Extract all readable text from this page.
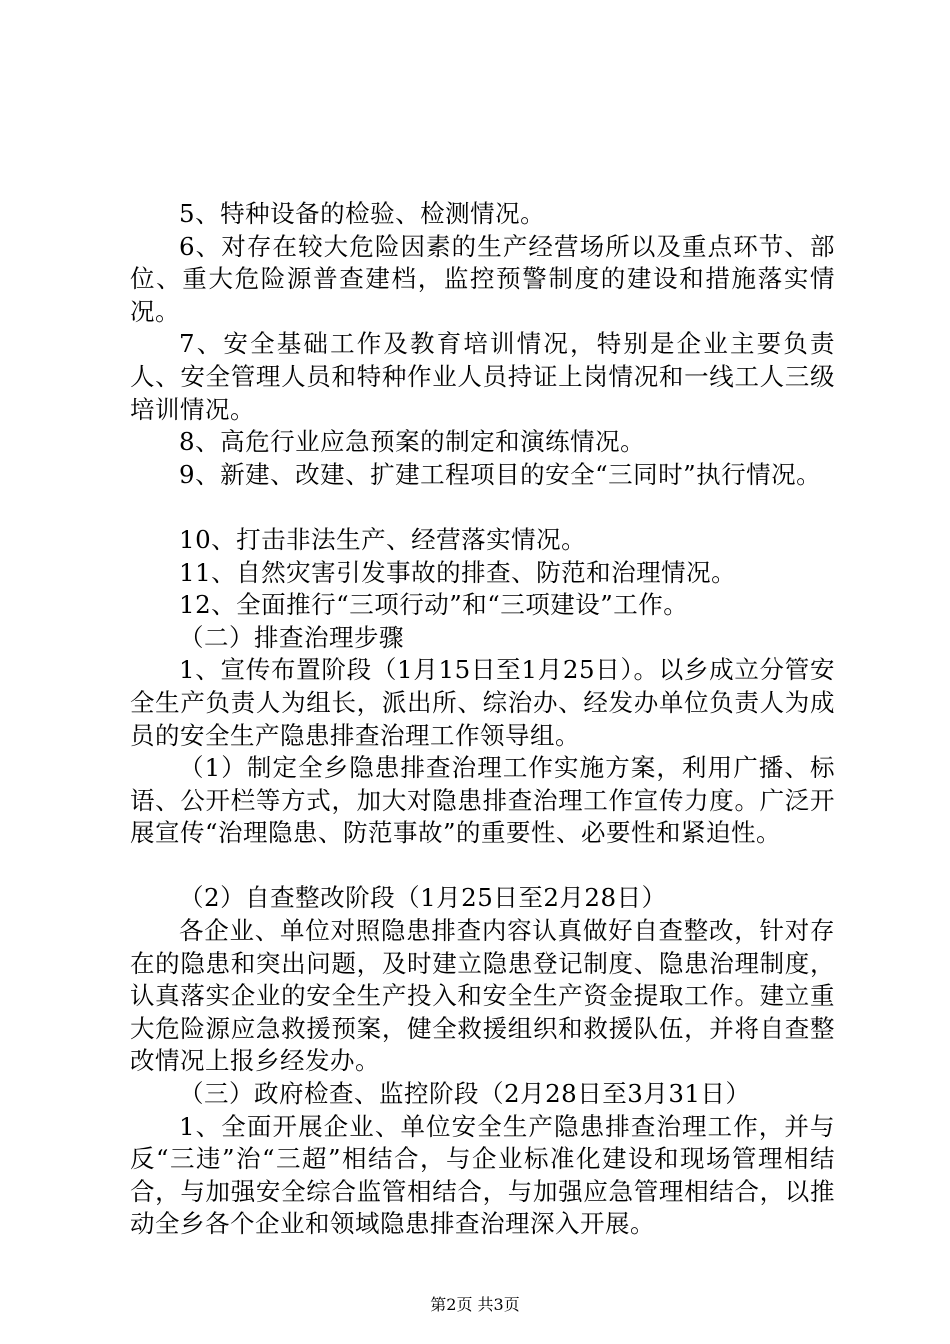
5、特种设备的检验、检测情况。

6、对存在较大危险因素的生产经营场所以及重点环节、部位、重大危险源普查建档，监控预警制度的建设和措施落实情况。

7、安全基础工作及教育培训情况，特别是企业主要负责人、安全管理人员和特种作业人员持证上岗情况和一线工人三级培训情况。

8、高危行业应急预案的制定和演练情况。

9、新建、改建、扩建工程项目的安全“三同时”执行情况。

10、打击非法生产、经营落实情况。

11、自然灾害引发事故的排查、防范和治理情况。

12、全面推行“三项行动”和“三项建设”工作。

（二）排查治理步骤

1、宣传布置阶段（1月15日至1月25日）。以乡成立分管安全生产负责人为组长，派出所、综治办、经发办单位负责人为成员的安全生产隐患排查治理工作领导组。

（1）制定全乡隐患排查治理工作实施方案，利用广播、标语、公开栏等方式，加大对隐患排查治理工作宣传力度。广泛开展宣传“治理隐患、防范事故”的重要性、必要性和紧迫性。

（2）自查整改阶段（1月25日至2月28日）

各企业、单位对照隐患排查内容认真做好自查整改，针对存在的隐患和突出问题，及时建立隐患登记制度、隐患治理制度，认真落实企业的安全生产投入和安全生产资金提取工作。建立重大危险源应急救援预案，健全救援组织和救援队伍，并将自查整改情况上报乡经发办。

（三）政府检查、监控阶段（2月28日至3月31日）

1、全面开展企业、单位安全生产隐患排查治理工作，并与反“三违”治“三超”相结合，与企业标准化建设和现场管理相结合，与加强安全综合监管相结合，与加强应急管理相结合，以推动全乡各个企业和领域隐患排查治理深入开展。

第2页 共3页
